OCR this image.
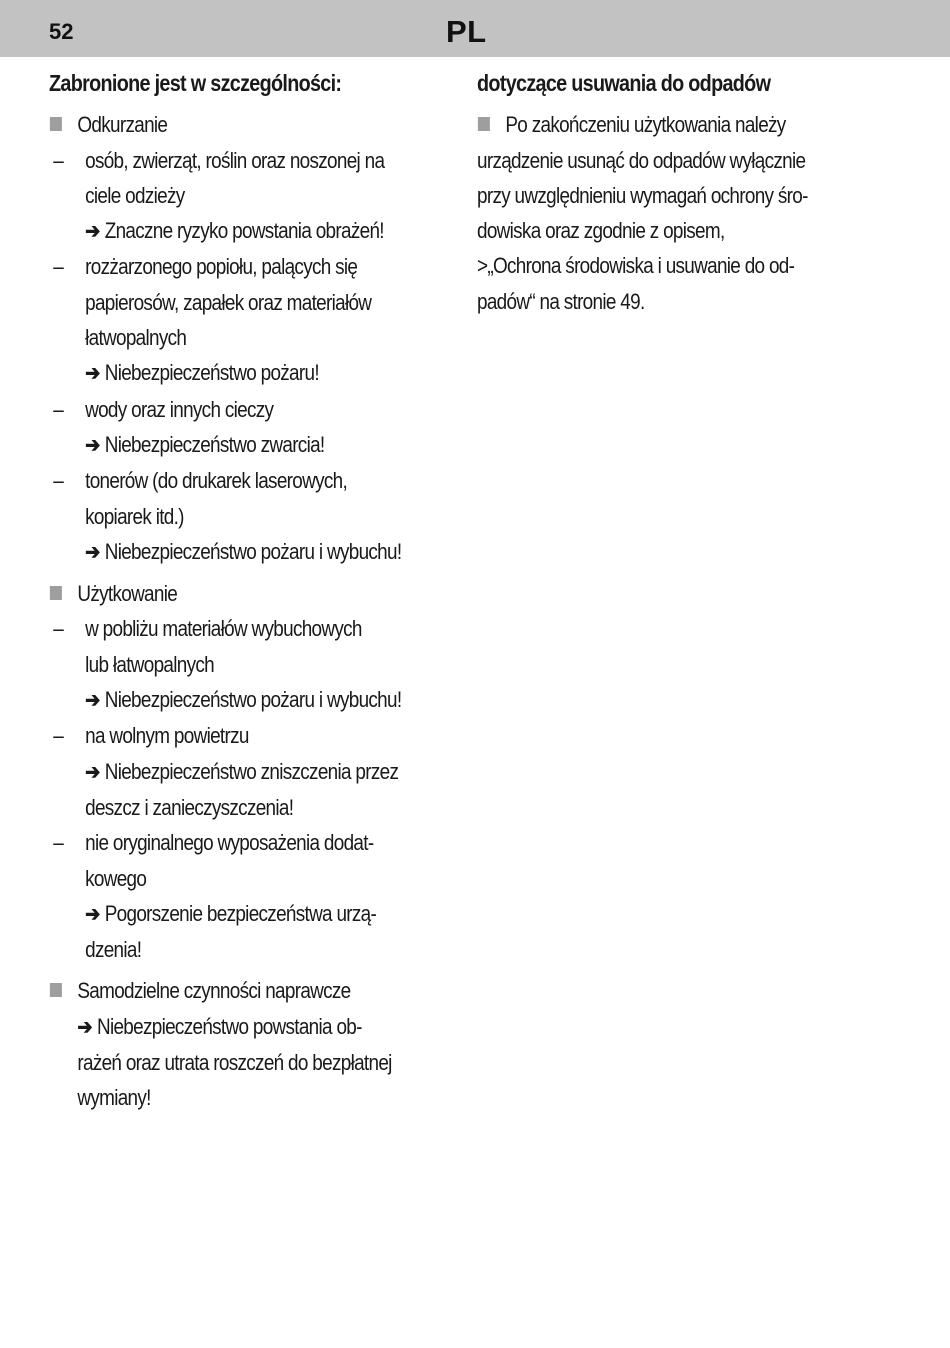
52	PL
Zabronione jest w szczególności:
Odkurzanie
– osób, zwierząt, roślin oraz noszonej na
ciele odzieży
➔ Znaczne ryzyko powstania obrażeń!
– rozżarzonego popiołu, palących się
papierosów, zapałek oraz materiałów
łatwopalnych
➔ Niebezpieczeństwo pożaru!
– wody oraz innych cieczy
➔ Niebezpieczeństwo zwarcia!
– tonerów (do drukarek laserowych,
kopiarek itd.)
➔ Niebezpieczeństwo pożaru i wybuchu!
Użytkowanie
– w pobliżu materiałów wybuchowych
lub łatwopalnych
➔ Niebezpieczeństwo pożaru i wybuchu!
– na wolnym powietrzu
➔ Niebezpieczeństwo zniszczenia przez
deszcz i zanieczyszczenia!
– nie oryginalnego wyposażenia dodat-
kowego
➔ Pogorszenie bezpieczeństwa urzą-
dzenia!
Samodzielne czynności naprawcze
➔ Niebezpieczeństwo powstania ob-
rażeń oraz utrata roszczeń do bezpłatnej
wymiany!
dotyczące usuwania do odpadów
Po zakończeniu użytkowania należy
urządzenie usunąć do odpadów wyłącznie
przy uwzględnieniu wymagań ochrony śro-
dowiska oraz zgodnie z opisem,
>„Ochrona środowiska i usuwanie do od-
padów“ na stronie 49.
